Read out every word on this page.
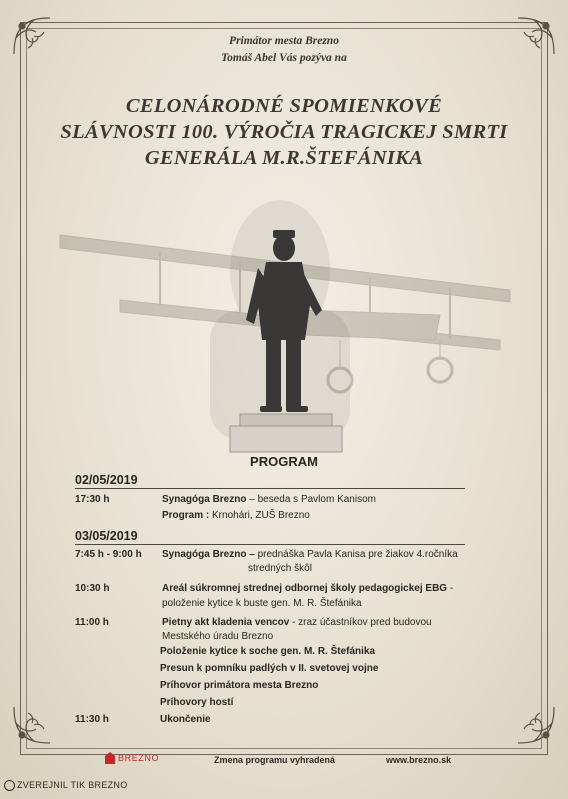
Primátor mesta Brezno
Tomáš Abel Vás pozýva na
CELONÁRODNÉ SPOMIENKOVÉ
SLÁVNOSTI 100. VÝROČIA TRAGICKEJ SMRTI
GENERÁLA M.R.ŠTEFÁNIKA
PROGRAM
02/05/2019
17:30 h	Synagóga Brezno – beseda s Pavlom Kanisom
Program : Krnohári, ZUŠ Brezno
03/05/2019
7:45 h - 9:00 h Synagóga Brezno – prednáška Pavla Kanisa pre žiakov 4.ročníka
stredných škôl
10:30 h	Areál súkromnej strednej odbornej školy pedagogickej EBG -
položenie kytice k buste gen. M. R. Štefánika
11:00 h	Pietny akt kladenia vencov - zraz účastníkov pred budovou
Mestského úradu Brezno
Položenie kytice k soche gen. M. R. Štefánika
Presun k pomníku padlých v II. svetovej vojne
Príhovor primátora mesta Brezno
Príhovory hostí
11:30 h	Ukončenie
BREZNO	Zmena programu vyhradená	www.brezno.sk
ZVEREJNIL TIK BREZNO
